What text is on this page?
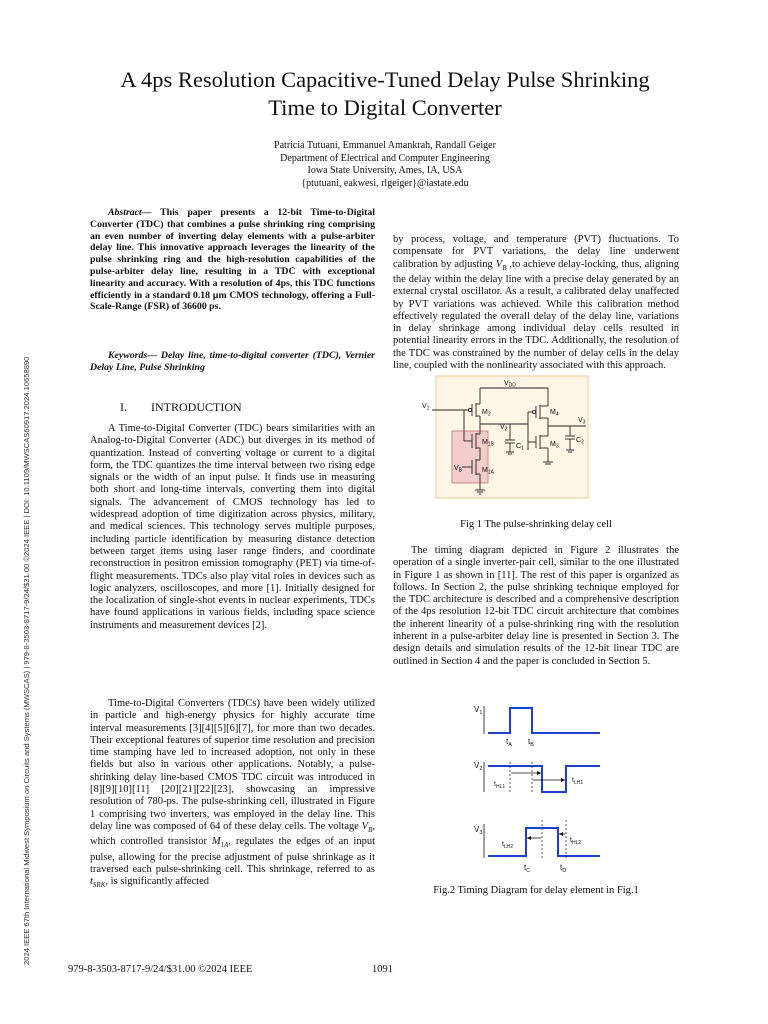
2024 IEEE 67th International Midwest Symposium on Circuits and Systems (MWSCAS) | 979-8-3503-8717-9/24/$31.00 ©2024 IEEE | DOI: 10.1109/MWSCAS60917.2024.10658890
A 4ps Resolution Capacitive-Tuned Delay Pulse Shrinking
Time to Digital Converter
Patricia Tutuani, Emmanuel Amankrah, Randall Geiger
Department of Electrical and Computer Engineering
Iowa State University, Ames, IA, USA
{ptutuani, eakwesi, rlgeiger}@iastate.edu

Abstract— This paper presents a 12-bit Time-to-Digital Converter (TDC) that combines a pulse shrinking ring comprising an even number of inverting delay elements with a pulse-arbiter delay line. This innovative approach leverages the linearity of the pulse shrinking ring and the high-resolution capabilities of the pulse-arbiter delay line, resulting in a TDC with exceptional linearity and accuracy. With a resolution of 4ps, this TDC functions efficiently in a standard 0.18 µm CMOS technology, offering a Full-Scale-Range (FSR) of 36600 ps.

Keywords— Delay line, time-to-digital converter (TDC), Vernier Delay Line, Pulse Shrinking

I.  INTRODUCTION

A Time-to-Digital Converter (TDC) bears similarities with an Analog-to-Digital Converter (ADC) but diverges in its method of quantization. Instead of converting voltage or current to a digital form, the TDC quantizes the time interval between two rising edge signals or the width of an input pulse. It finds use in measuring both short and long-time intervals, converting them into digital signals. The advancement of CMOS technology has led to widespread adoption of time digitization across physics, military, and medical sciences. This technology serves multiple purposes, including particle identification by measuring distance detection between target items using laser range finders, and coordinate reconstruction in positron emission tomography (PET) via time-of-flight measurements. TDCs also play vital roles in devices such as logic analyzers, oscilloscopes, and more [1]. Initially designed for the localization of single-shot events in nuclear experiments, TDCs have found applications in various fields, including space science instruments and measurement devices [2].

Time-to-Digital Converters (TDCs) have been widely utilized in particle and high-energy physics for highly accurate time interval measurements [3][4][5][6][7], for more than two decades. Their exceptional features of superior time resolution and precision time stamping have led to increased adoption, not only in these fields but also in various other applications. Notably, a pulse-shrinking delay line-based CMOS TDC circuit was introduced in [8][9][10][11] [20][21][22][23], showcasing an impressive resolution of 780-ps. The pulse-shrinking cell, illustrated in Figure 1 comprising two inverters, was employed in the delay line. This delay line was composed of 64 of these delay cells. The voltage $V_B$, which controlled transistor $M_{1A}$, regulates the edges of an input pulse, allowing for the precise adjustment of pulse shrinkage as it traversed each pulse-shrinking cell. This shrinkage, referred to as $t_{SRK}$, is significantly affected

by process, voltage, and temperature (PVT) fluctuations. To compensate for PVT variations, the delay line underwent calibration by adjusting $V_B$ ,to achieve delay-locking, thus, aligning the delay within the delay line with a precise delay generated by an external crystal oscillator. As a result, a calibrated delay unaffected by PVT variations was achieved. While this calibration method effectively regulated the overall delay of the delay line, variations in delay shrinkage among individual delay cells resulted in potential linearity errors in the TDC. Additionally, the resolution of the TDC was constrained by the number of delay cells in the delay line, coupled with the nonlinearity associated with this approach.

$V_{DD}$
$M_2$
$V_2$
$M_{1B}$
$M_{1A}$
$V_B$
$V_1$
$C_1$
$M_4$
$V_3$
$M_3$
$C_2$
Fig 1 The pulse-shrinking delay cell

The timing diagram depicted in Figure 2 illustrates the operation of a single inverter-pair cell, similar to the one illustrated in Figure 1 as shown in [11]. The rest of this paper is organized as follows. In Section 2, the pulse shrinking technique employed for the TDC architecture is described and a comprehensive description of the 4ps resolution 12-bit TDC circuit architecture that combines the inherent linearity of a pulse-shrinking ring with the resolution inherent in a pulse-arbiter delay line is presented in Section 3. The design details and simulation results of the 12-bit linear TDC are outlined in Section 4 and the paper is concluded in Section 5.

$V_1$
$t_A$ $t_B$
$V_2$
$t_{HL1}$
$t_{LH1}$
$V_3$
$t_{LH2}$
$t_{HL2}$
$t_C$	$t_D$
Fig.2 Timing Diagram for delay element in Fig.1
979-8-3503-8717-9/24/$31.00 ©2024 IEEE	1091
